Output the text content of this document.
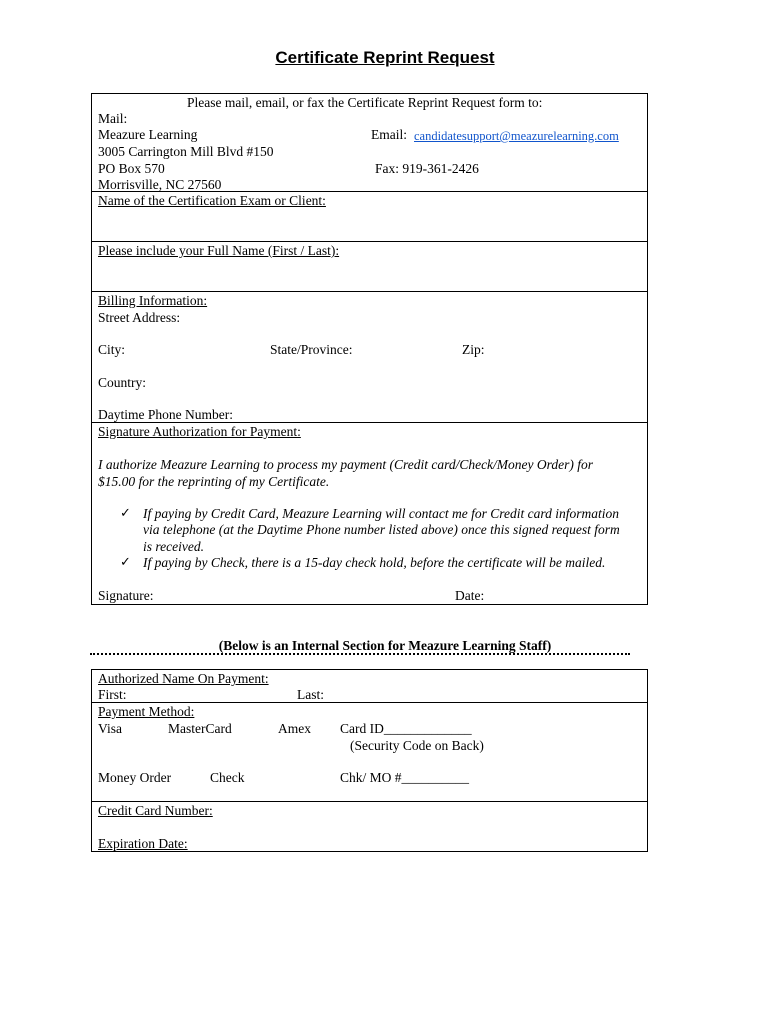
Certificate Reprint Request
Please mail, email, or fax the Certificate Reprint Request form to:
Mail:
Meazure Learning
3005 Carrington Mill Blvd #150
PO Box 570
Morrisville, NC 27560
Email: candidatesupport@meazurelearning.com
Fax: 919-361-2426
Name of the Certification Exam or Client:
Please include your Full Name (First / Last):
Billing Information:
Street Address:
City:	State/Province:	Zip:
Country:
Daytime Phone Number:
Signature Authorization for Payment:
I authorize Meazure Learning to process my payment (Credit card/Check/Money Order) for
$15.00 for the reprinting of my Certificate.
✓ If paying by Credit Card, Meazure Learning will contact me for Credit card information
via telephone (at the Daytime Phone number listed above) once this signed request form
is received.
✓ If paying by Check, there is a 15-day check hold, before the certificate will be mailed.
Signature:	Date:
(Below is an Internal Section for Meazure Learning Staff)
Authorized Name On Payment:
First:	Last:
Payment Method:
Visa	MasterCard	Amex Card ID_____________
(Security Code on Back)
Money Order	Check	Chk/ MO #__________
Credit Card Number:
Expiration Date:
